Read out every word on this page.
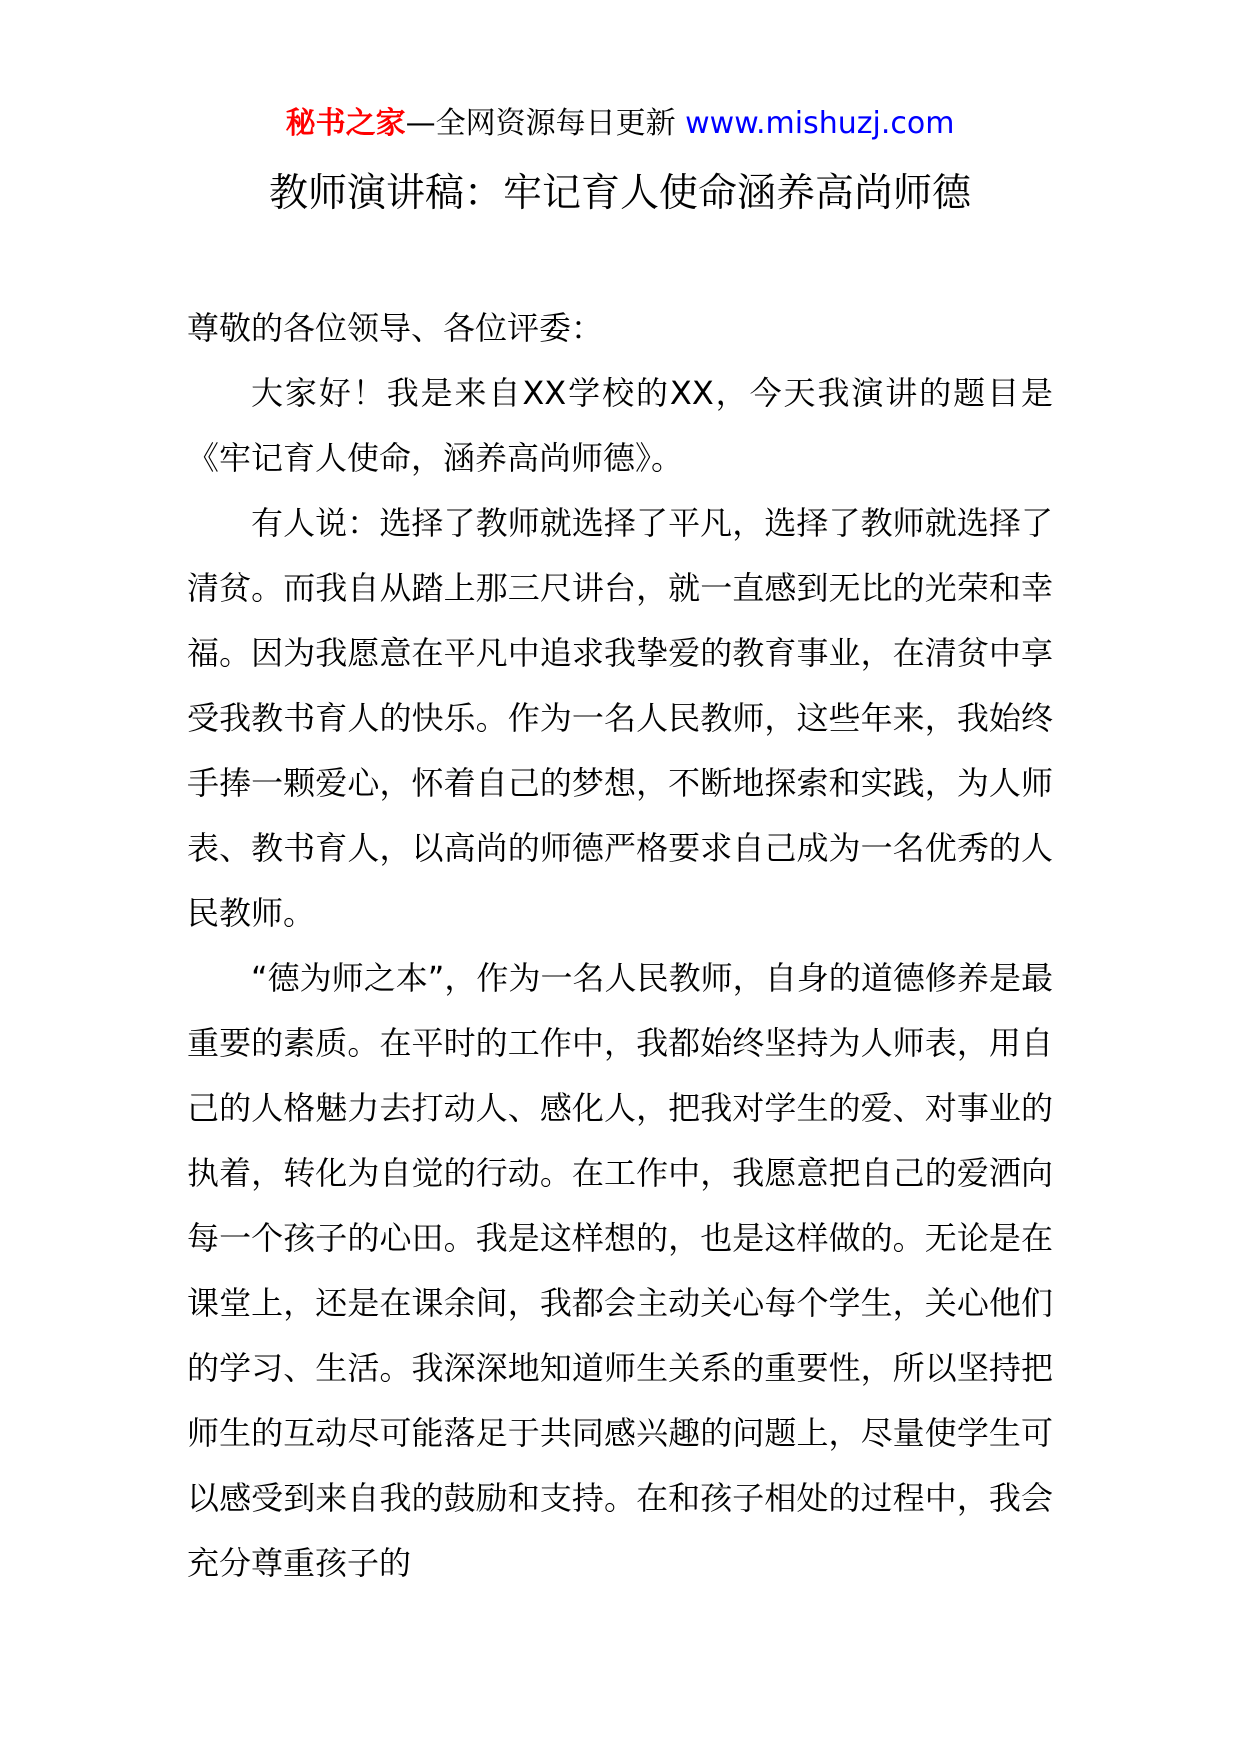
秘书之家—全网资源每日更新 www.mishuzj.com
教师演讲稿：牢记育人使命涵养高尚师德

尊敬的各位领导、各位评委：

大家好！我是来自XX学校的XX，今天我演讲的题目是《牢记育人使命，涵养高尚师德》。

有人说：选择了教师就选择了平凡，选择了教师就选择了清贫。而我自从踏上那三尺讲台，就一直感到无比的光荣和幸福。因为我愿意在平凡中追求我挚爱的教育事业，在清贫中享受我教书育人的快乐。作为一名人民教师，这些年来，我始终手捧一颗爱心，怀着自己的梦想，不断地探索和实践，为人师表、教书育人，以高尚的师德严格要求自己成为一名优秀的人民教师。

“德为师之本”，作为一名人民教师，自身的道德修养是最重要的素质。在平时的工作中，我都始终坚持为人师表，用自己的人格魅力去打动人、感化人，把我对学生的爱、对事业的执着，转化为自觉的行动。在工作中，我愿意把自己的爱洒向每一个孩子的心田。我是这样想的，也是这样做的。无论是在课堂上，还是在课余间，我都会主动关心每个学生，关心他们的学习、生活。我深深地知道师生关系的重要性，所以坚持把师生的互动尽可能落足于共同感兴趣的问题上，尽量使学生可以感受到来自我的鼓励和支持。在和孩子相处的过程中，我会充分尊重孩子的
